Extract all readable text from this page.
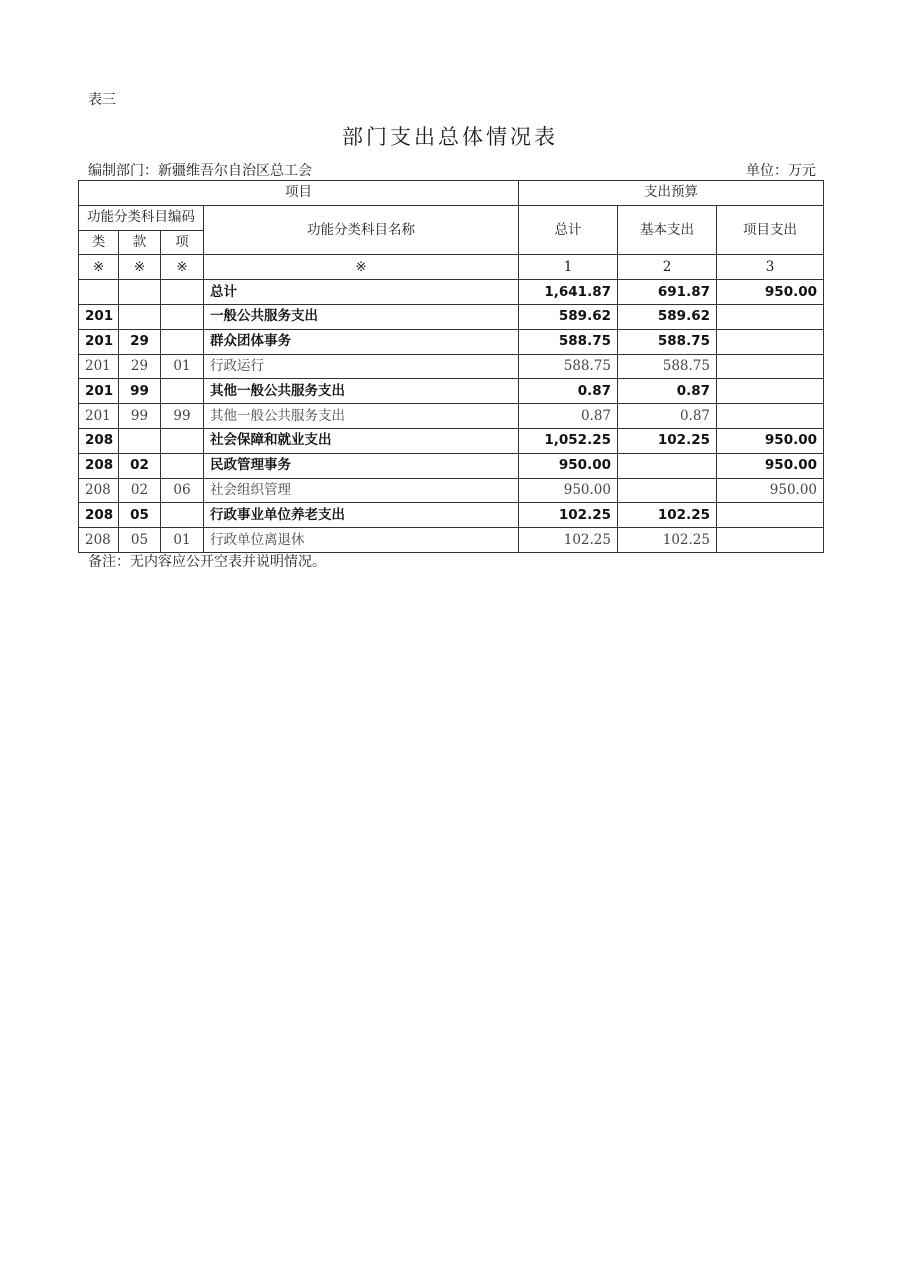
表三
部门支出总体情况表
编制部门：新疆维吾尔自治区总工会	单位：万元
项目				支出预算		
功能分类科目编码			功能分类科目名称	总计	基本支出	项目支出
类	款	项				
※	※	※	※	1	2	3
			总计	1,641.87	691.87	950.00
201			一般公共服务支出	589.62	589.62	
201	29		群众团体事务	588.75	588.75	
201	29	01	行政运行	588.75	588.75	
201	99		其他一般公共服务支出	0.87	0.87	
201	99	99	其他一般公共服务支出	0.87	0.87	
208			社会保障和就业支出	1,052.25	102.25	950.00
208	02		民政管理事务	950.00		950.00
208	02	06	社会组织管理	950.00		950.00
208	05		行政事业单位养老支出	102.25	102.25	
208	05	01	行政单位离退休	102.25	102.25	
备注：无内容应公开空表并说明情况。
